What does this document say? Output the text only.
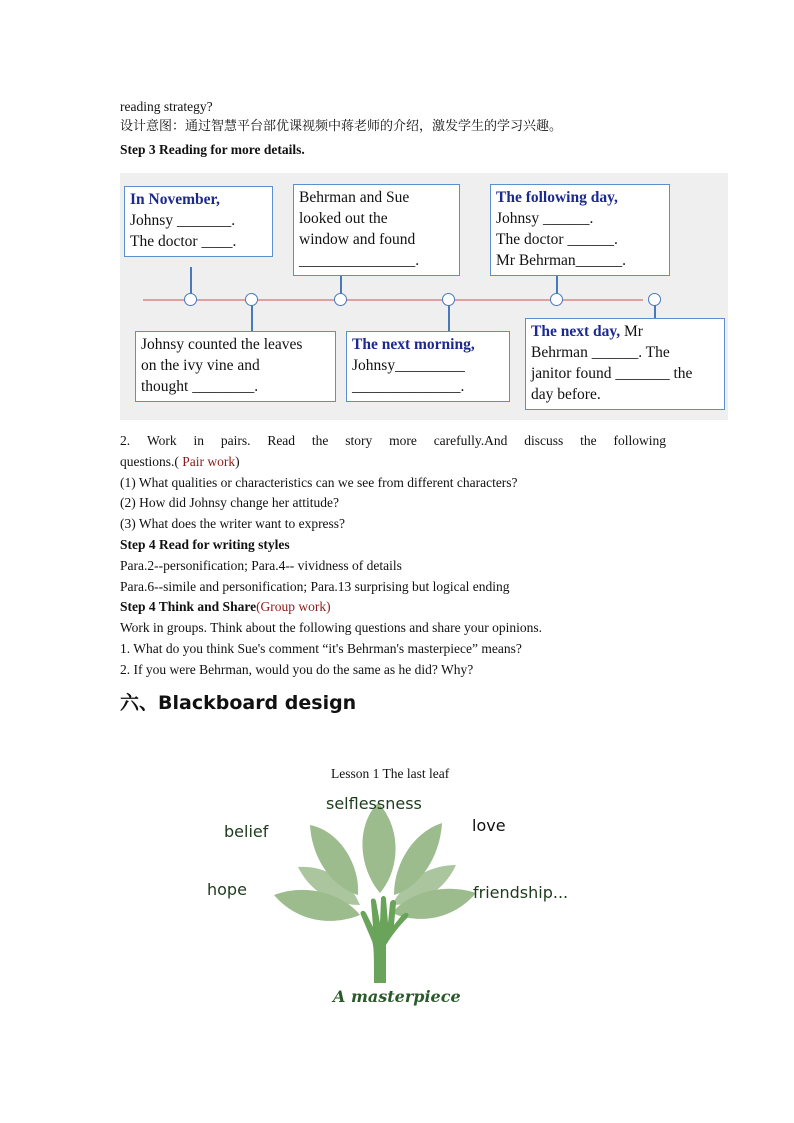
reading strategy?
设计意图：通过智慧平台部优课视频中蒋老师的介绍，激发学生的学习兴趣。
Step 3 Reading for more details.
In November,
Johnsy _______.
The doctor ____.
Behrman and Sue
looked out the
window and found
_______________.
The following day,
Johnsy ______.
The doctor ______.
Mr Behrman______.
Johnsy counted the leaves
on the ivy vine and
thought ________.
The next morning,
Johnsy_________
______________.
The next day, Mr
Behrman ______. The
janitor found _______ the
day before.
2. Work in pairs. Read the story more carefully.And discuss the following
questions.( Pair work)
(1) What qualities or characteristics can we see from different characters?
(2) How did Johnsy change her attitude?
(3) What does the writer want to express?
Step 4 Read for writing styles
Para.2--personification; Para.4-- vividness of details
Para.6--simile and personification; Para.13 surprising but logical ending
Step 4 Think and Share(Group work)
Work in groups. Think about the following questions and share your opinions.
1. What do you think Sue's comment “it's Behrman's masterpiece” means?
2. If you were Behrman, would you do the same as he did? Why?
六、Blackboard design
Lesson 1 The last leaf
selflessness
belief	love
hope	friendship...
A masterpiece
